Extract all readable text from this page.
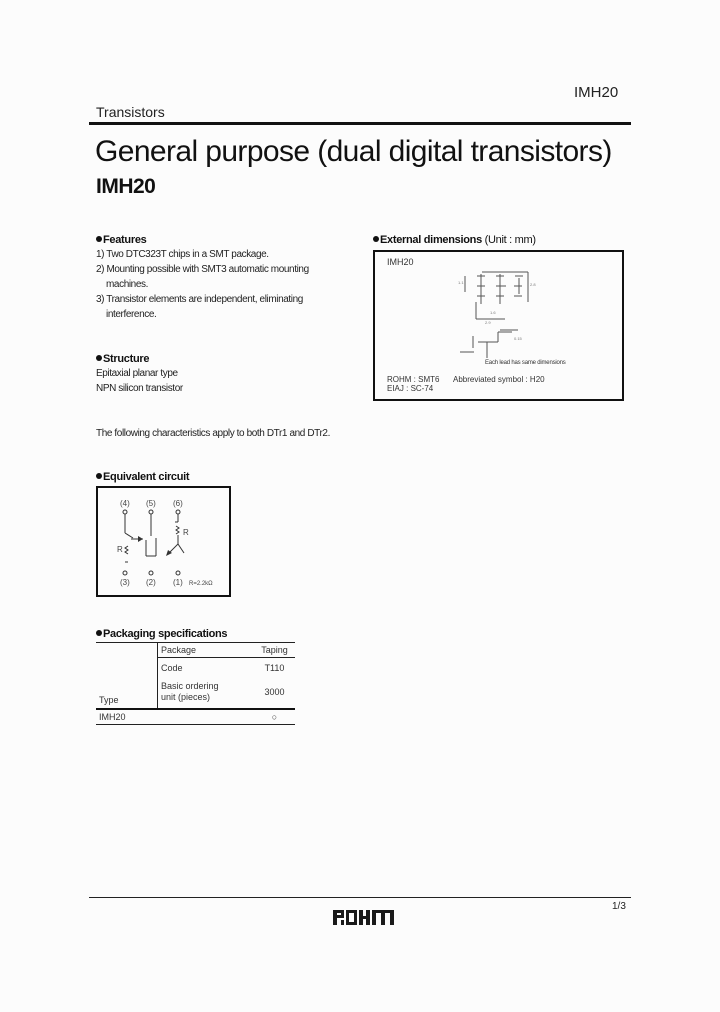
IMH20
Transistors
General purpose (dual digital transistors)
IMH20
Features
1) Two DTC323T chips in a SMT package.
2) Mounting possible with SMT3 automatic mounting
machines.
3) Transistor elements are independent, eliminating
interference.
Structure
Epitaxial planar type
NPN silicon transistor
External dimensions (Unit : mm)
IMH20
1.6
2.9
1.1	2.8
0.15
Each lead has same dimensions
ROHM : SMT6
EIAJ : SC-74
Abbreviated symbol : H20
The following characteristics apply to both DTr1 and DTr2.
Equivalent circuit
(4) (5) (6)
(3) (2) (1)
R
R
R=2.2kΩ
Packaging specifications
Type	Package	Taping
	Code	T110

	Basic ordering
unit (pieces)	3000
IMH20		○
1/3
